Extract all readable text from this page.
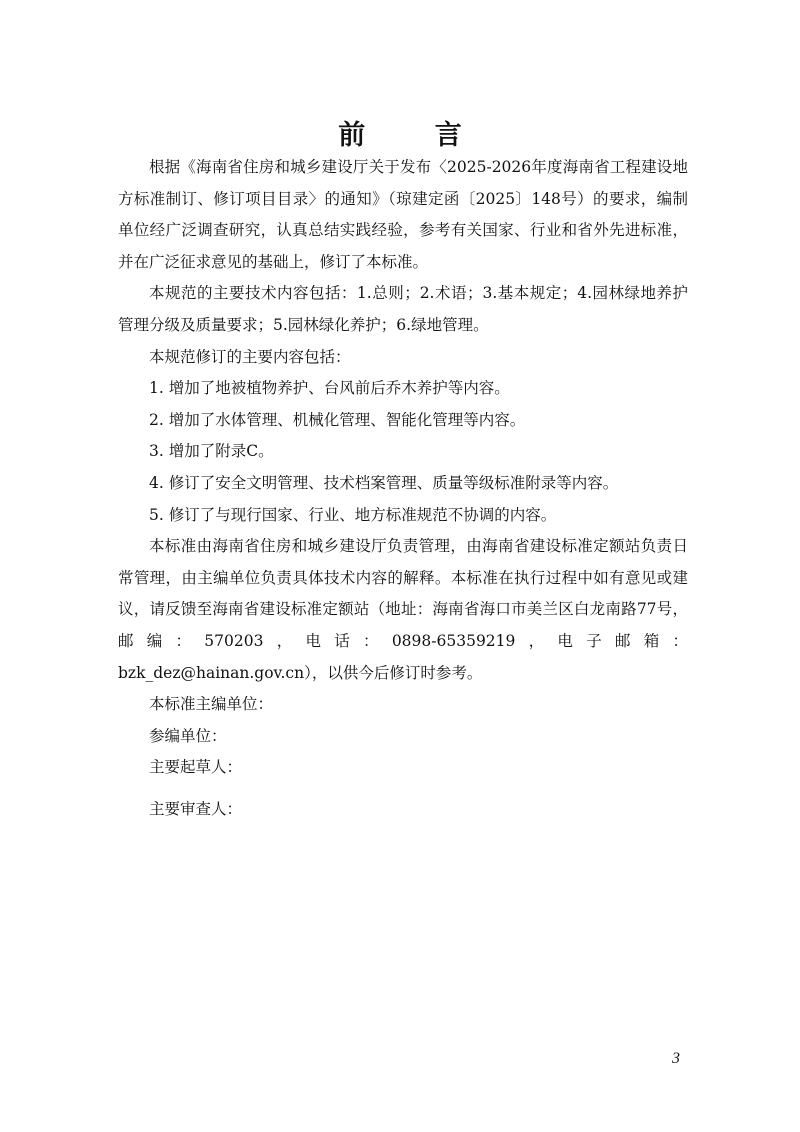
前 言

根据《海南省住房和城乡建设厅关于发布〈2025-2026年度海南省工程建设地方标准制订、修订项目目录〉的通知》（琼建定函〔2025〕148号）的要求，编制单位经广泛调查研究，认真总结实践经验，参考有关国家、行业和省外先进标准，并在广泛征求意见的基础上，修订了本标准。

本规范的主要技术内容包括：1.总则；2.术语；3.基本规定；4.园林绿地养护管理分级及质量要求；5.园林绿化养护；6.绿地管理。

本规范修订的主要内容包括：

1. 增加了地被植物养护、台风前后乔木养护等内容。

2. 增加了水体管理、机械化管理、智能化管理等内容。

3. 增加了附录C。

4. 修订了安全文明管理、技术档案管理、质量等级标准附录等内容。

5. 修订了与现行国家、行业、地方标准规范不协调的内容。

本标准由海南省住房和城乡建设厅负责管理，由海南省建设标准定额站负责日常管理，由主编单位负责具体技术内容的解释。本标准在执行过程中如有意见或建议，请反馈至海南省建设标准定额站（地址：海南省海口市美兰区白龙南路77号，邮编：570203，电话：0898-65359219，电子邮箱：bzk_dez@hainan.gov.cn），以供今后修订时参考。

本标准主编单位：

参编单位：

主要起草人：

主要审查人：

3
